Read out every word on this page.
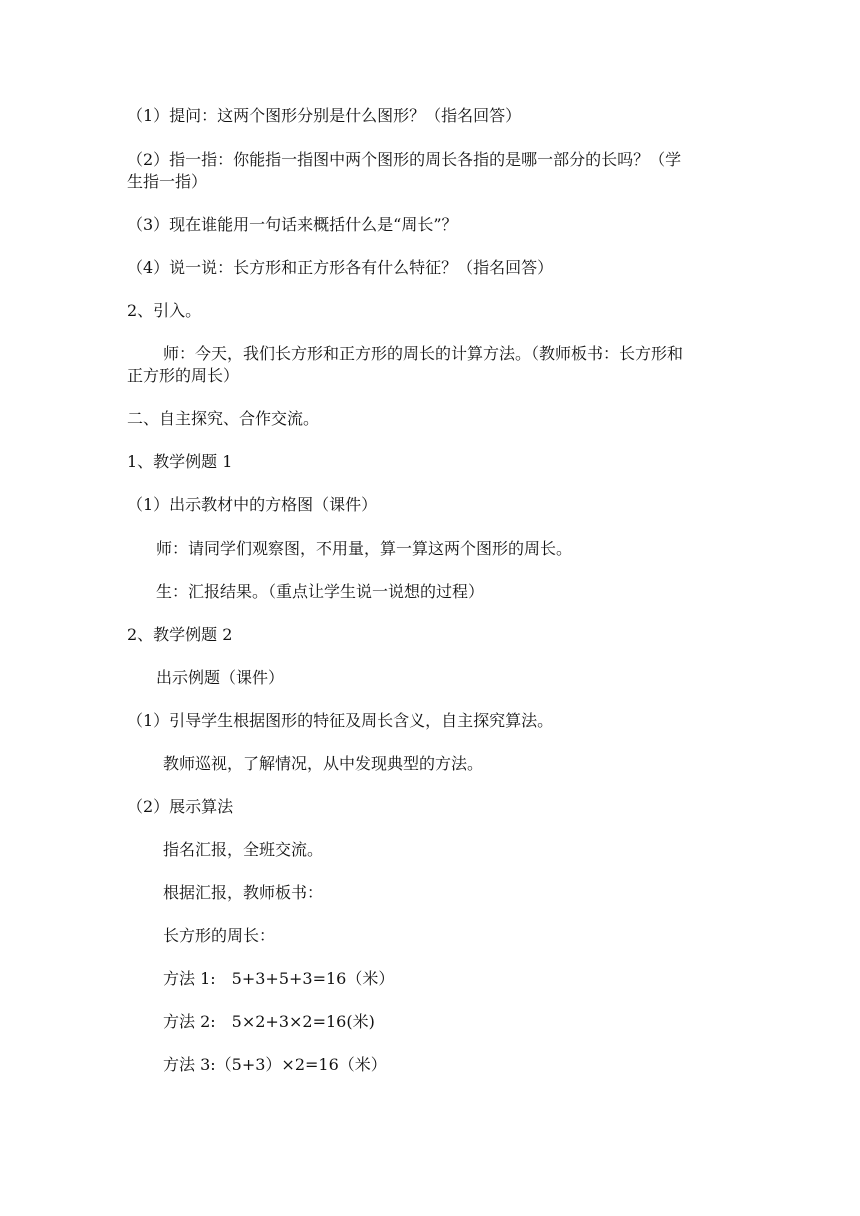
（1）提问：这两个图形分别是什么图形？（指名回答）
（2）指一指：你能指一指图中两个图形的周长各指的是哪一部分的长吗？（学
生指一指）
（3）现在谁能用一句话来概括什么是“周长”？
（4）说一说：长方形和正方形各有什么特征？（指名回答）
2、引入。
师：今天，我们长方形和正方形的周长的计算方法。（教师板书：长方形和
正方形的周长）
二、自主探究、合作交流。
1、教学例题 1
（1）出示教材中的方格图（课件）
师：请同学们观察图，不用量，算一算这两个图形的周长。
生：汇报结果。（重点让学生说一说想的过程）
2、教学例题 2
出示例题（课件）
（1）引导学生根据图形的特征及周长含义，自主探究算法。
教师巡视，了解情况，从中发现典型的方法。
（2）展示算法
指名汇报，全班交流。
根据汇报，教师板书：
长方形的周长：
方法 1:　5+3+5+3=16（米）
方法 2:　5×2+3×2=16(米)
方法 3:（5+3）×2=16（米）
